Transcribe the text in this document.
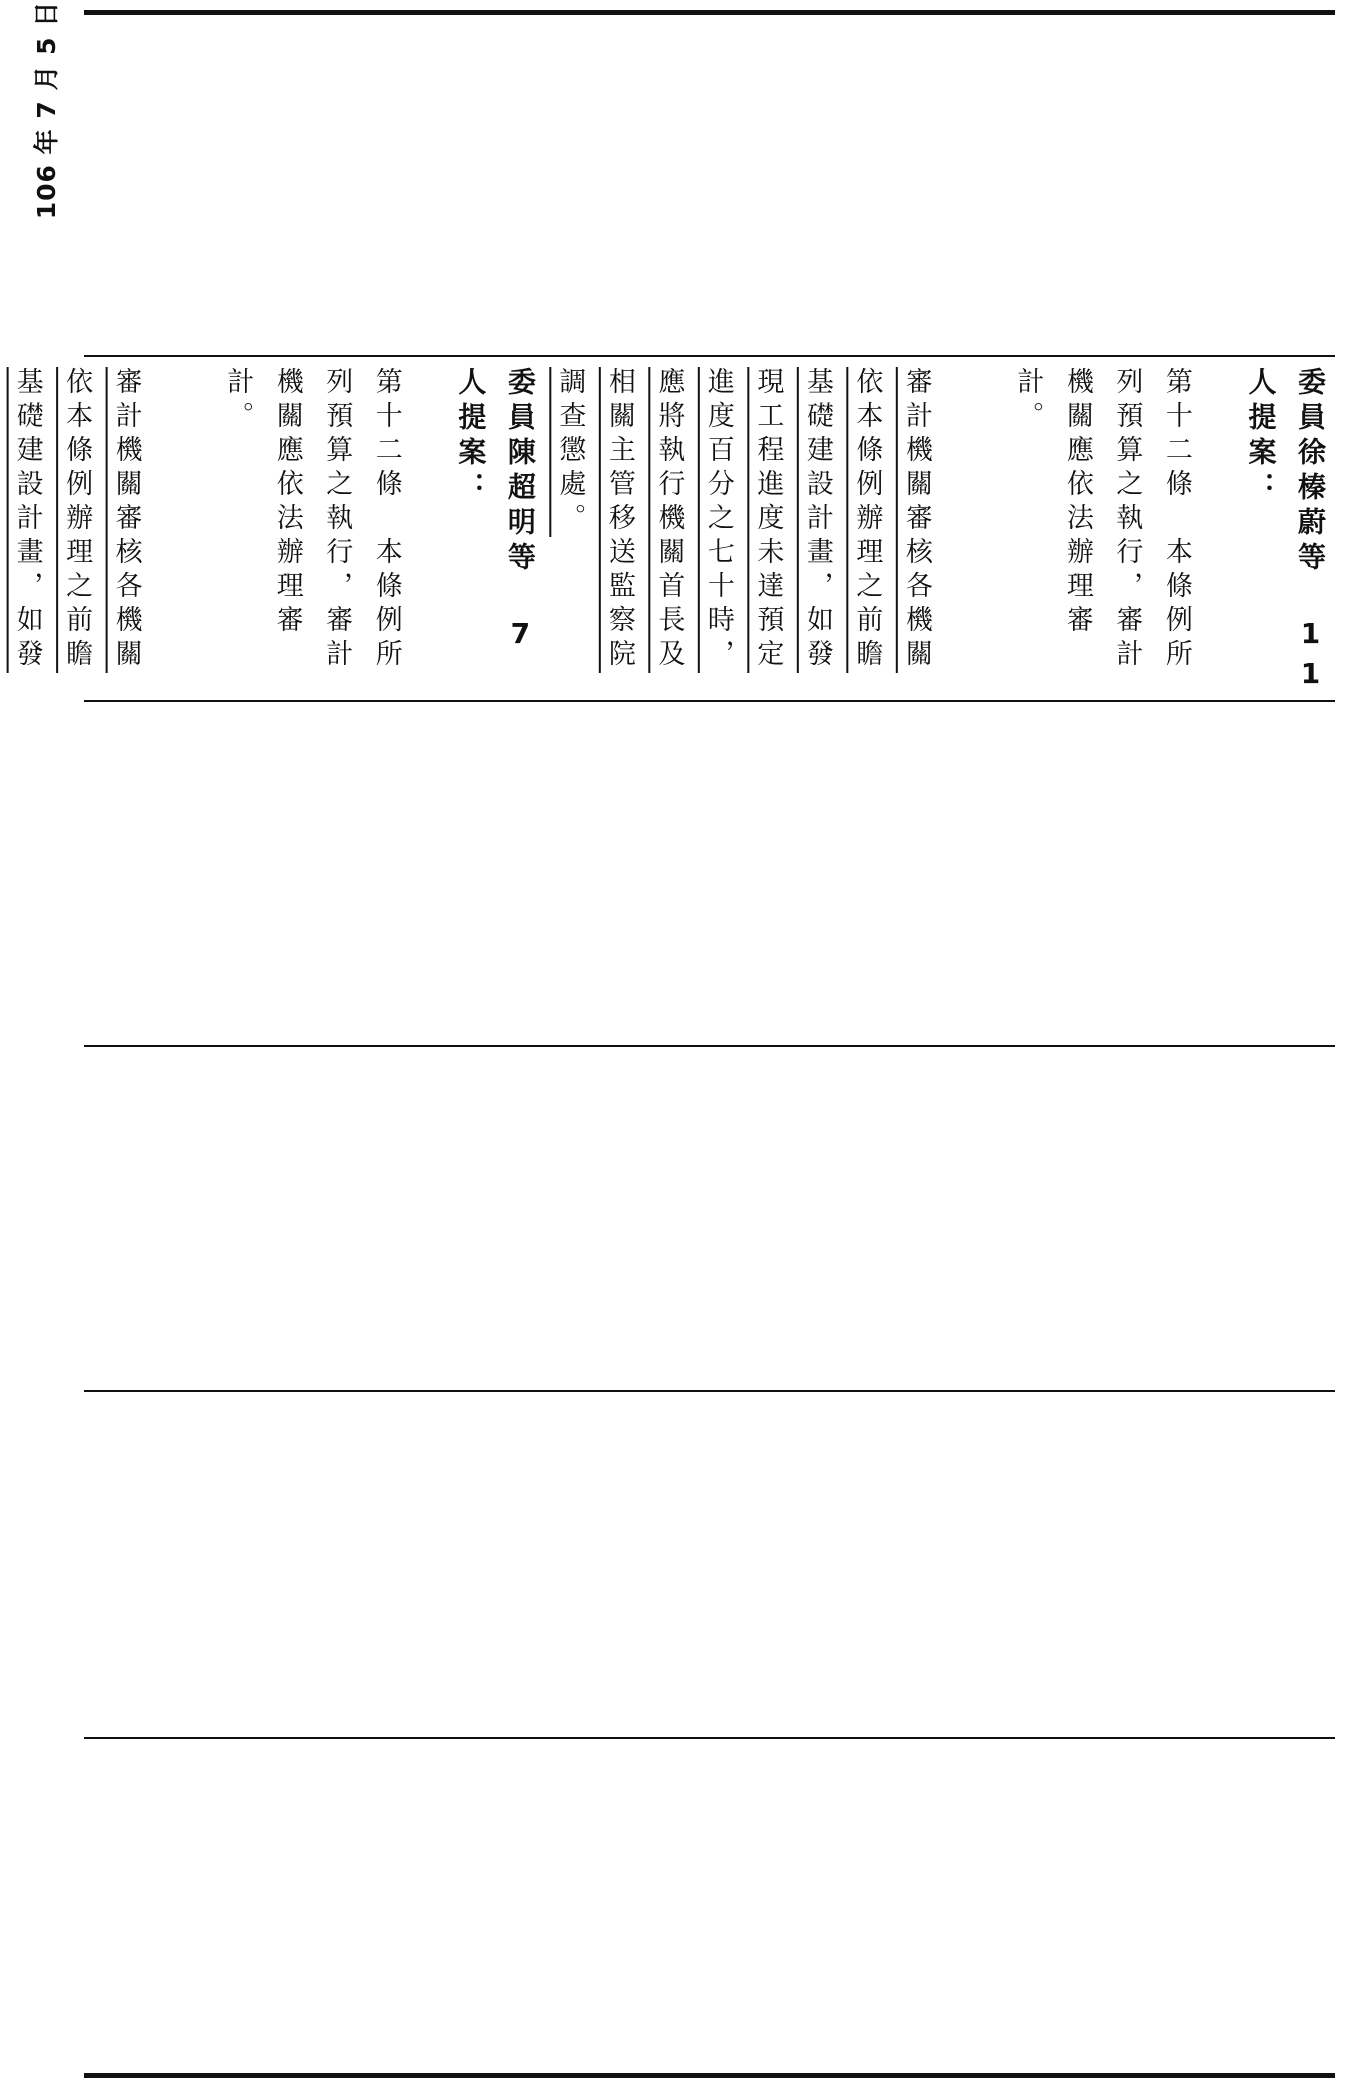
106 年 7 月 5 日

委員徐榛蔚等 11 人提案：

第十二條　本條例所列預算之執行，審計機關應依法辦理審計。

審計機關審核各機關依本條例辦理之前瞻基礎建設計畫，如發現工程進度未達預定進度百分之七十時，應將執行機關首長及相關主管移送監察院調查懲處。

委員陳超明等 7 人提案：

第十二條　本條例所列預算之執行，審計機關應依法辦理審計。

審計機關審核各機關依本條例辦理之前瞻基礎建設計畫，如發
